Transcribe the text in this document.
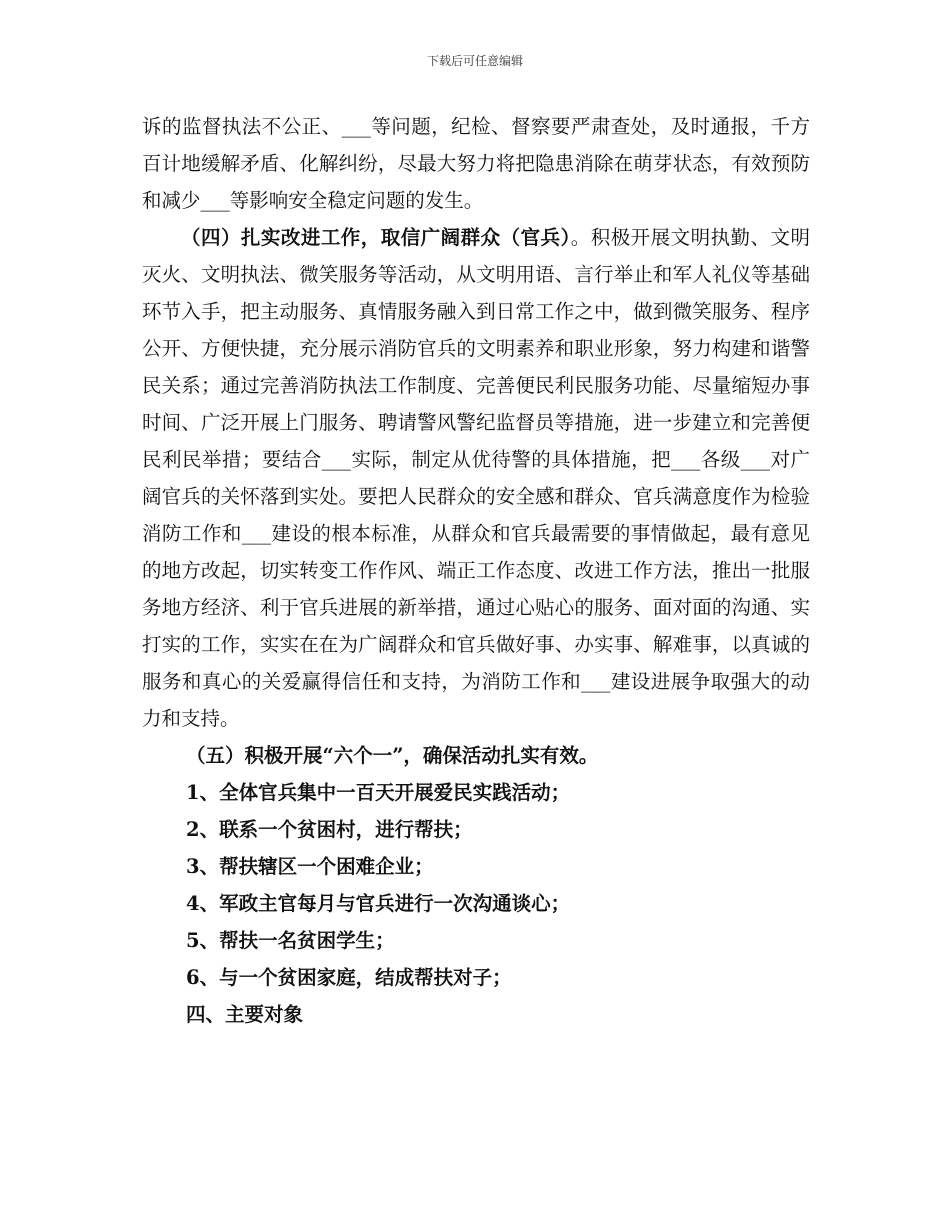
下载后可任意编辑

诉的监督执法不公正、___等问题，纪检、督察要严肃查处，及时通报，千方百计地缓解矛盾、化解纠纷，尽最大努力将把隐患消除在萌芽状态，有效预防和减少___等影响安全稳定问题的发生。

（四）扎实改进工作，取信广阔群众（官兵）。积极开展文明执勤、文明灭火、文明执法、微笑服务等活动，从文明用语、言行举止和军人礼仪等基础环节入手，把主动服务、真情服务融入到日常工作之中，做到微笑服务、程序公开、方便快捷，充分展示消防官兵的文明素养和职业形象，努力构建和谐警民关系；通过完善消防执法工作制度、完善便民利民服务功能、尽量缩短办事时间、广泛开展上门服务、聘请警风警纪监督员等措施，进一步建立和完善便民利民举措；要结合___实际，制定从优待警的具体措施，把___各级___对广阔官兵的关怀落到实处。要把人民群众的安全感和群众、官兵满意度作为检验消防工作和___建设的根本标准，从群众和官兵最需要的事情做起，最有意见的地方改起，切实转变工作作风、端正工作态度、改进工作方法，推出一批服务地方经济、利于官兵进展的新举措，通过心贴心的服务、面对面的沟通、实打实的工作，实实在在为广阔群众和官兵做好事、办实事、解难事，以真诚的服务和真心的关爱赢得信任和支持，为消防工作和___建设进展争取强大的动力和支持。

（五）积极开展“六个一”，确保活动扎实有效。

1、全体官兵集中一百天开展爱民实践活动；

2、联系一个贫困村，进行帮扶；

3、帮扶辖区一个困难企业；

4、军政主官每月与官兵进行一次沟通谈心；

5、帮扶一名贫困学生；

6、与一个贫困家庭，结成帮扶对子；

四、主要对象
